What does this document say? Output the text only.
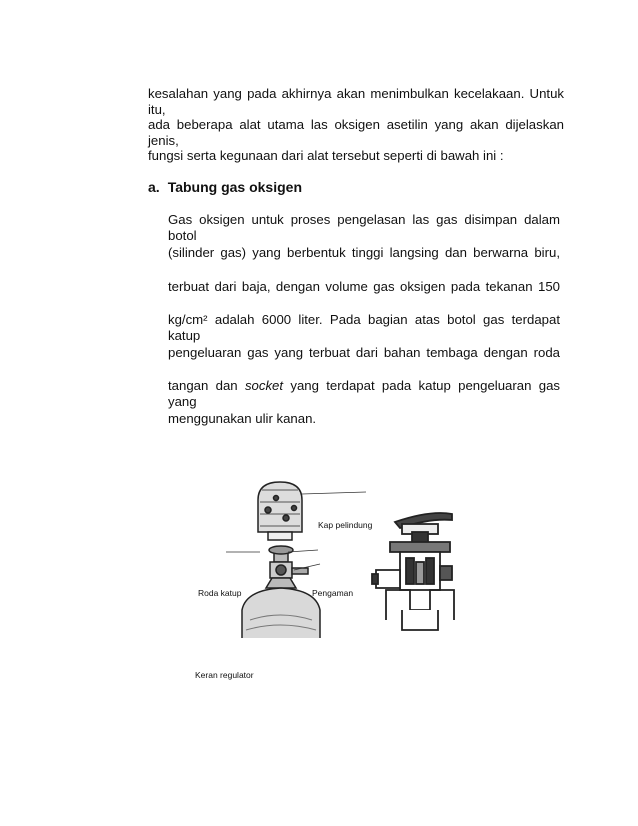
kesalahan yang pada akhirnya akan menimbulkan kecelakaan. Untuk itu,
ada beberapa alat utama las oksigen asetilin yang akan dijelaskan jenis,
fungsi serta kegunaan dari alat tersebut seperti di bawah ini :
a. Tabung gas oksigen
Gas oksigen untuk proses pengelasan las gas disimpan dalam botol
(silinder gas) yang berbentuk tinggi langsing dan berwarna biru,
terbuat dari baja, dengan volume gas oksigen pada tekanan 150
kg/cm² adalah 6000 liter. Pada bagian atas botol gas terdapat katup
pengeluaran gas yang terbuat dari bahan tembaga dengan roda
tangan dan socket yang terdapat pada katup pengeluaran gas yang
menggunakan ulir kanan.
Kap pelindung
Roda katup	Pengaman
Keran regulator
